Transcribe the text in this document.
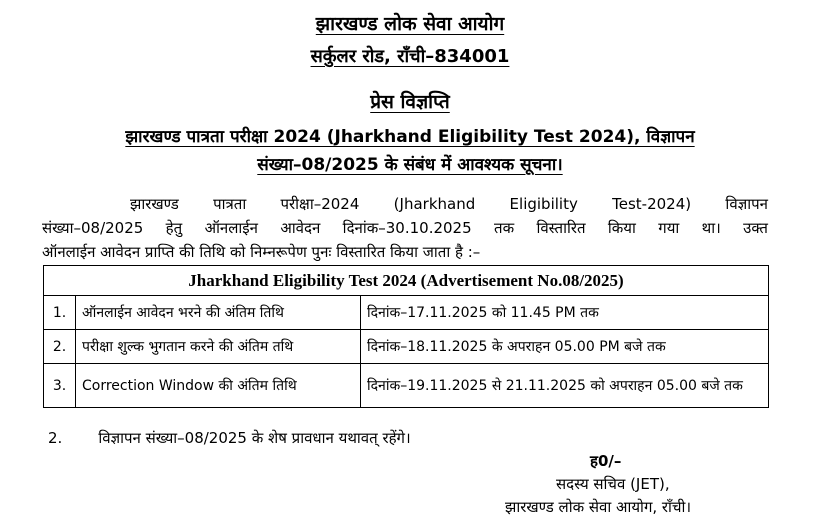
झारखण्ड लोक सेवा आयोग
सर्कुलर रोड, राँची–834001
प्रेस विज्ञप्ति
झारखण्ड पात्रता परीक्षा 2024 (Jharkhand Eligibility Test 2024), विज्ञापन
संख्या–08/2025 के संबंध में आवश्यक सूचना।
झारखण्ड पात्रता परीक्षा–2024 (Jharkhand Eligibility Test-2024) विज्ञापन
संख्या–08/2025 हेतु ऑनलाईन आवेदन दिनांक–30.10.2025 तक विस्तारित किया गया था। उक्त
ऑनलाईन आवेदन प्राप्ति की तिथि को निम्नरूपेण पुनः विस्तारित किया जाता है :–
Jharkhand Eligibility Test 2024 (Advertisement No.08/2025)		
1.	ऑनलाईन आवेदन भरने की अंतिम तिथि	दिनांक–17.11.2025 को 11.45 PM तक
2.	परीक्षा शुल्क भुगतान करने की अंतिम तथि	दिनांक–18.11.2025 के अपराहन 05.00 PM बजे तक
3.	Correction Window की अंतिम तिथि	दिनांक–19.11.2025 से 21.11.2025 को अपराहन 05.00 बजे तक
2. विज्ञापन संख्या–08/2025 के शेष प्रावधान यथावत् रहेंगे।
ह0/–
सदस्य सचिव (JET),
झारखण्ड लोक सेवा आयोग, राँची।
